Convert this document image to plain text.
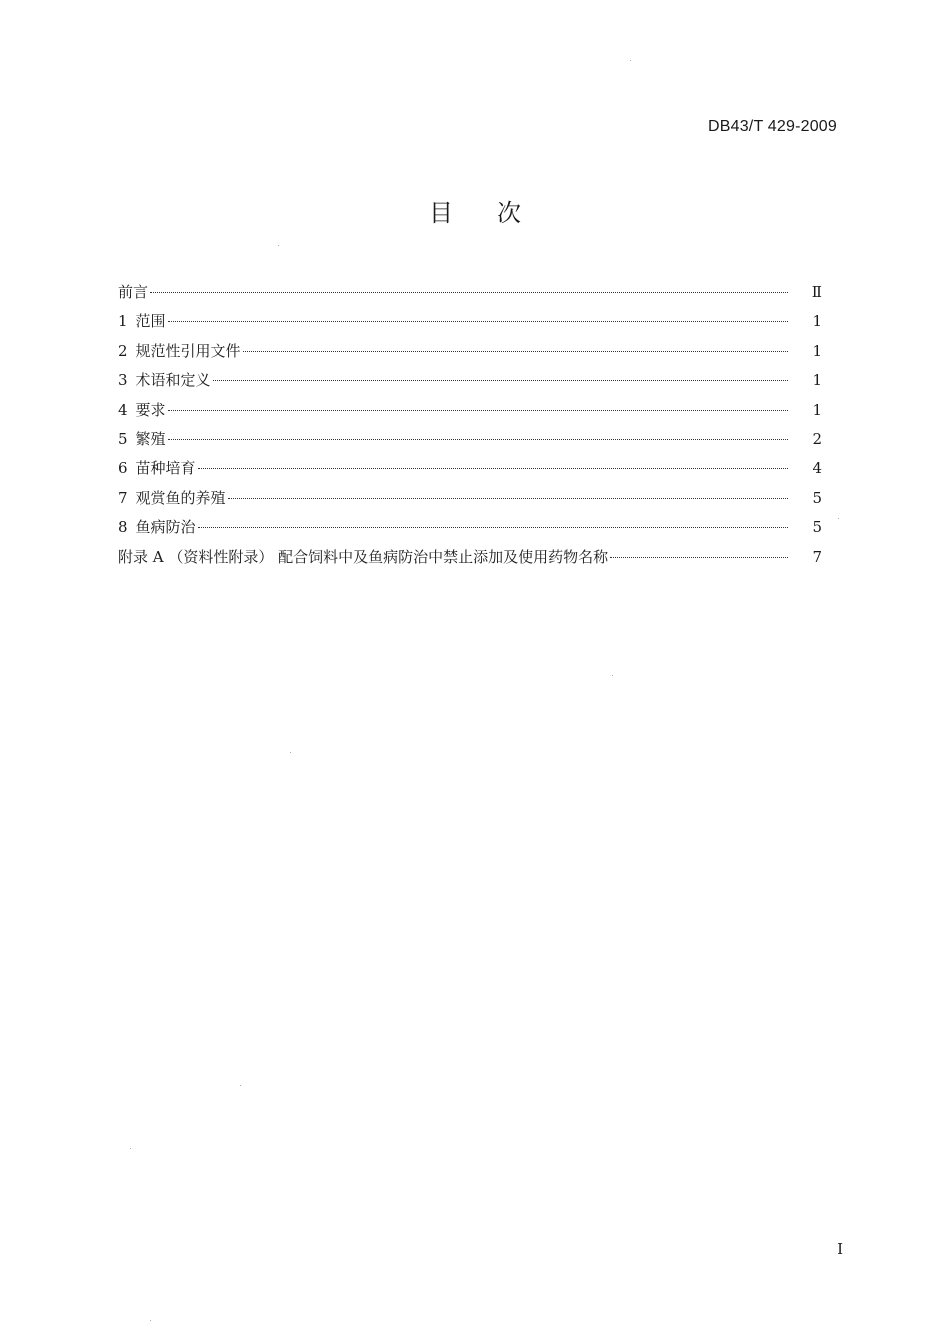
DB43/T 429-2009
目 次
前言	Ⅱ
1 范围	1
2 规范性引用文件	1
3 术语和定义	1
4 要求	1
5 繁殖	2
6 苗种培育	4
7 观赏鱼的养殖	5
8 鱼病防治	5
附录 A （资料性附录） 配合饲料中及鱼病防治中禁止添加及使用药物名称	7
I
